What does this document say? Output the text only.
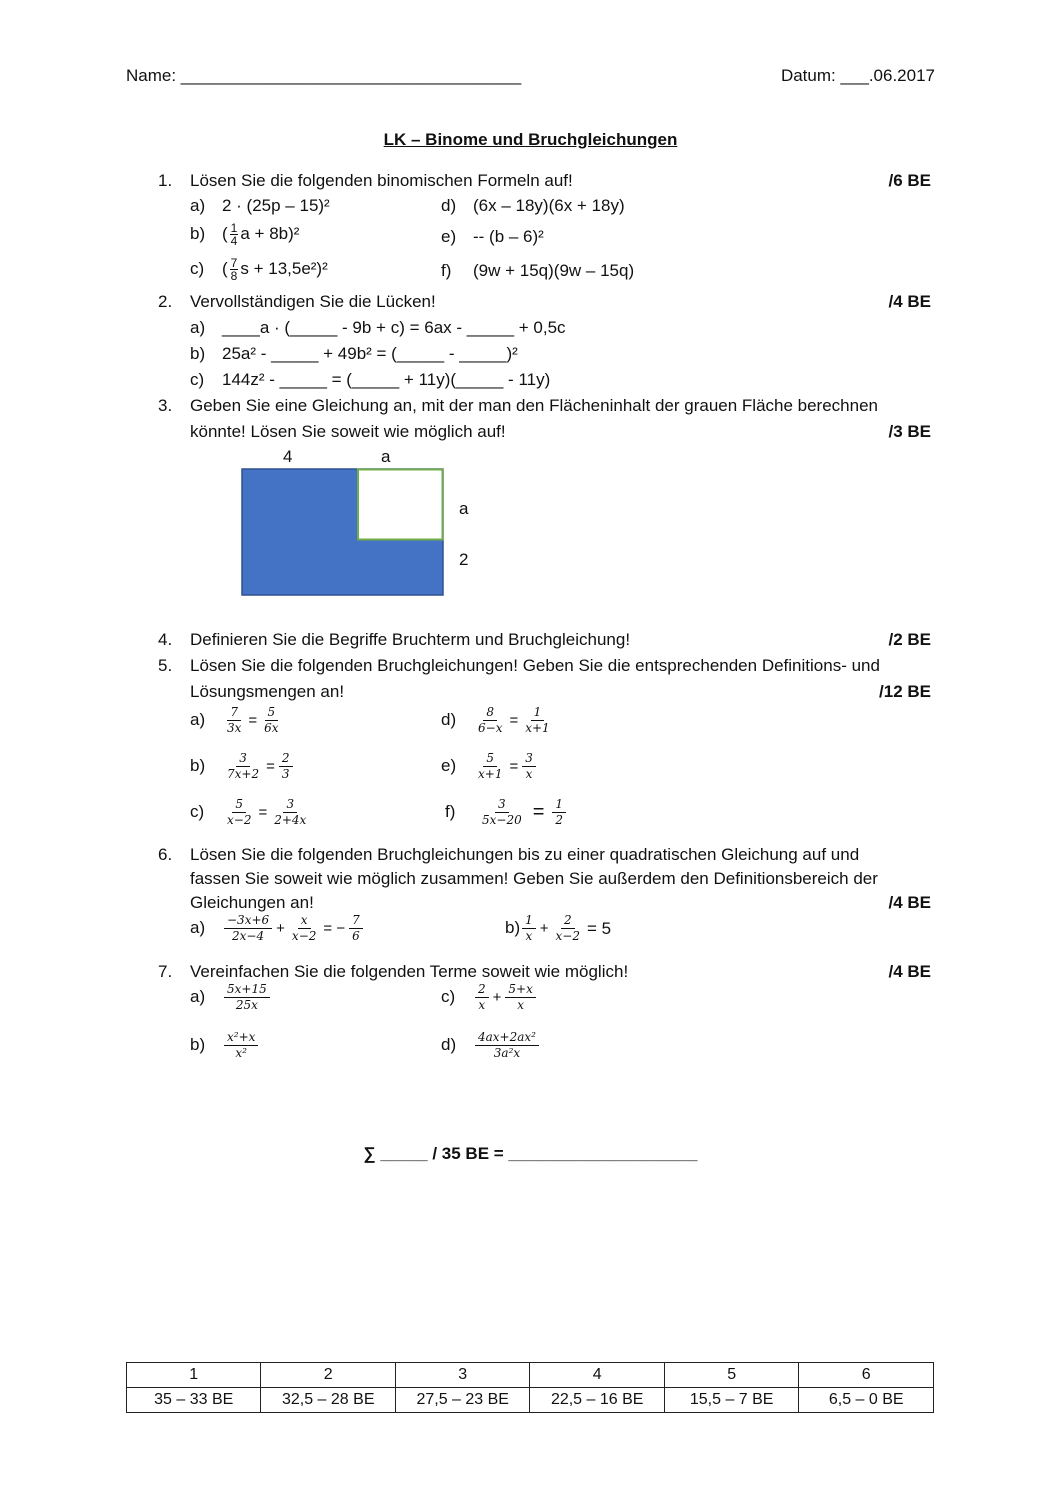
Name: ____________________________________	Datum: ___.06.2017
LK – Binome und Bruchgleichungen
1. Lösen Sie die folgenden binomischen Formeln auf!	/6 BE
a) 2 · (25p – 15)²
b) ( $\frac{1}{4}$ a + 8b)²
c) ( $\frac{7}{8}$ s + 13,5e²)²
d) (6x – 18y)(6x + 18y)
e) -- (b – 6)²
f) (9w + 15q)(9w – 15q)
2. Vervollständigen Sie die Lücken!	/4 BE
a) ____a · (_____ - 9b + c) = 6ax - _____ + 0,5c
b) 25a² - _____ + 49b² = (_____ - _____)²
c) 144z² - _____ = (_____ + 11y)(_____ - 11y)
3. Geben Sie eine Gleichung an, mit der man den Flächeninhalt der grauen Fläche berechnen
könnte! Lösen Sie soweit wie möglich auf!	/3 BE
4	a
a
2
4. Definieren Sie die Begriffe Bruchterm und Bruchgleichung!	/2 BE
5. Lösen Sie die folgenden Bruchgleichungen! Geben Sie die entsprechenden Definitions- und
Lösungsmengen an!	/12 BE
$a) \frac{7}{3x} = \frac{5}{6x}$
$b) \frac{3}{7x+2} = \frac{2}{3}$
$c) \frac{5}{x-2} = \frac{3}{2+4x}$
$d) \frac{8}{6-x} = \frac{1}{x+1}$
$e) \frac{5}{x+1} = \frac{3}{x}$
$f) \frac{3}{5x-20} = \frac{1}{2}$
6. Lösen Sie die folgenden Bruchgleichungen bis zu einer quadratischen Gleichung auf und
fassen Sie soweit wie möglich zusammen! Geben Sie außerdem den Definitionsbereich der
Gleichungen an!	/4 BE
$a) \frac{-3x+6}{2x-4} + \frac{x}{x-2}$ = − $\frac{7}{6}$	$b) \frac{1}{x} + \frac{2}{x-2} = 5$
7. Vereinfachen Sie die folgenden Terme soweit wie möglich!	/4 BE
$a) \frac{5x+15}{25x}$
$b) \frac{\text{x²+x}}{\text{x²}}$
$c) \frac{2}{x} + \frac{5+x}{x}$
$d) \frac{\text{4ax+2ax²}}{\text{3a²x}}$
∑ _____ / 35 BE = ____________________
1	2	3	4	5	6
35 – 33 BE	32,5 – 28 BE	27,5 – 23 BE	22,5 – 16 BE	15,5 – 7 BE	6,5 – 0 BE
